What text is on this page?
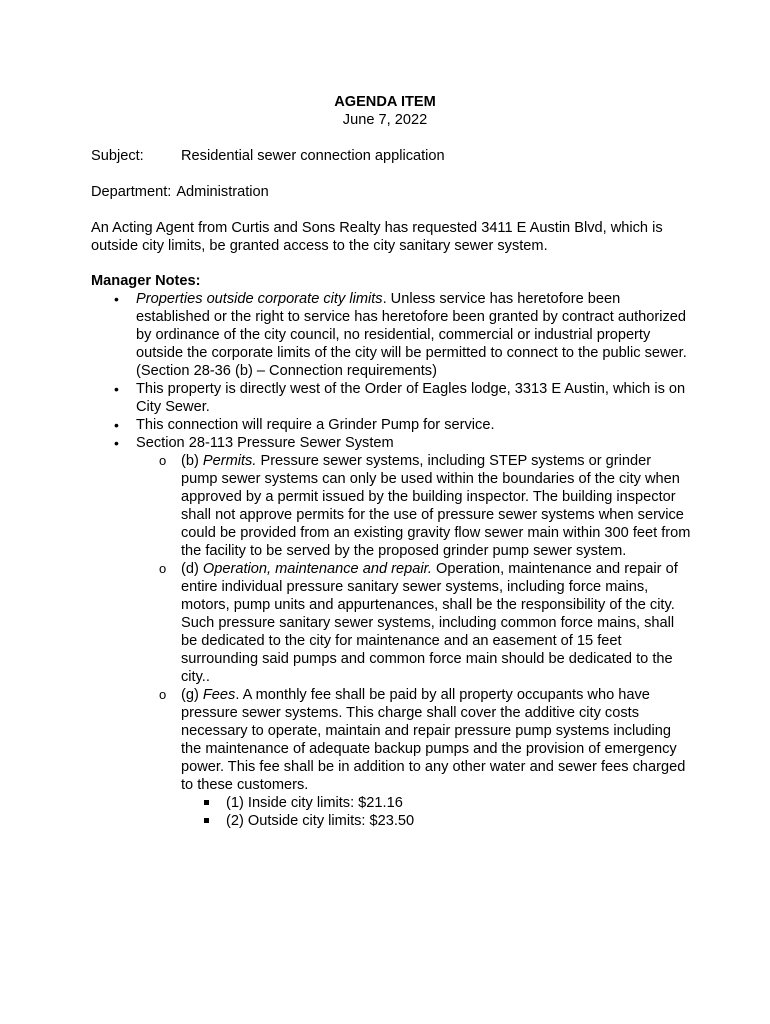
AGENDA ITEM
June 7, 2022
Subject:	Residential sewer connection application
Department: Administration
An Acting Agent from Curtis and Sons Realty has requested 3411 E Austin Blvd, which is outside city limits, be granted access to the city sanitary sewer system.
Manager Notes:
•	Properties outside corporate city limits. Unless service has heretofore been established or the right to service has heretofore been granted by contract authorized by ordinance of the city council, no residential, commercial or industrial property outside the corporate limits of the city will be permitted to connect to the public sewer. (Section 28-36 (b) – Connection requirements)
•	This property is directly west of the Order of Eagles lodge, 3313 E Austin, which is on City Sewer.
•	This connection will require a Grinder Pump for service.
•	Section 28-113 Pressure Sewer System
o (b) Permits. Pressure sewer systems, including STEP systems or grinder pump sewer systems can only be used within the boundaries of the city when approved by a permit issued by the building inspector. The building inspector shall not approve permits for the use of pressure sewer systems when service could be provided from an existing gravity flow sewer main within 300 feet from the facility to be served by the proposed grinder pump sewer system.
o (d) Operation, maintenance and repair. Operation, maintenance and repair of entire individual pressure sanitary sewer systems, including force mains, motors, pump units and appurtenances, shall be the responsibility of the city. Such pressure sanitary sewer systems, including common force mains, shall be dedicated to the city for maintenance and an easement of 15 feet surrounding said pumps and common force main should be dedicated to the city..
o (g) Fees. A monthly fee shall be paid by all property occupants who have pressure sewer systems. This charge shall cover the additive city costs necessary to operate, maintain and repair pressure pump systems including the maintenance of adequate backup pumps and the provision of emergency power. This fee shall be in addition to any other water and sewer fees charged to these customers.
(1) Inside city limits: $21.16
(2) Outside city limits: $23.50
